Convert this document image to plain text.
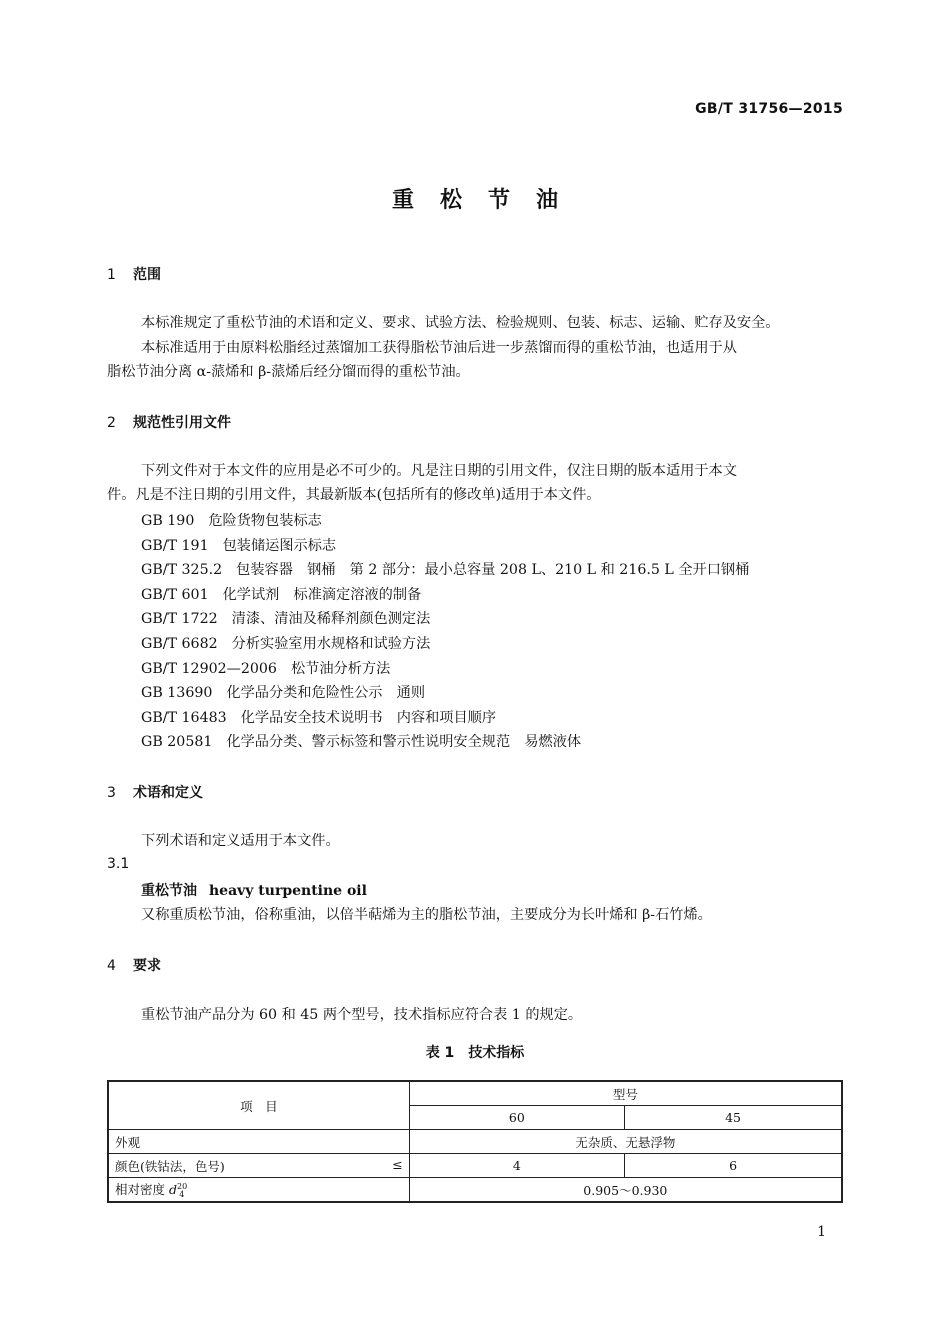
GB/T 31756—2015
重 松 节 油
1 范围
本标准规定了重松节油的术语和定义、要求、试验方法、检验规则、包装、标志、运输、贮存及安全。
本标准适用于由原料松脂经过蒸馏加工获得脂松节油后进一步蒸馏而得的重松节油，也适用于从
脂松节油分离 α-蒎烯和 β-蒎烯后经分馏而得的重松节油。
2 规范性引用文件
下列文件对于本文件的应用是必不可少的。凡是注日期的引用文件，仅注日期的版本适用于本文
件。凡是不注日期的引用文件，其最新版本(包括所有的修改单)适用于本文件。
GB 190 危险货物包装标志
GB/T 191 包装储运图示标志
GB/T 325.2 包装容器　钢桶　第 2 部分：最小总容量 208 L、210 L 和 216.5 L 全开口钢桶
GB/T 601 化学试剂　标准滴定溶液的制备
GB/T 1722 清漆、清油及稀释剂颜色测定法
GB/T 6682 分析实验室用水规格和试验方法
GB/T 12902—2006 松节油分析方法
GB 13690 化学品分类和危险性公示　通则
GB/T 16483 化学品安全技术说明书　内容和项目顺序
GB 20581 化学品分类、警示标签和警示性说明安全规范　易燃液体
3 术语和定义
下列术语和定义适用于本文件。
3.1
重松节油 heavy turpentine oil
又称重质松节油，俗称重油，以倍半萜烯为主的脂松节油，主要成分为长叶烯和 β-石竹烯。
4 要求
重松节油产品分为 60 和 45 两个型号，技术指标应符合表 1 的规定。
表 1 技术指标
项　目	型号	
	60	45
外观	无杂质、无悬浮物	
颜色(铁钴法，色号) ≤	4	6
相对密度 $d^{20}_4$	0.905～0.930	
1
